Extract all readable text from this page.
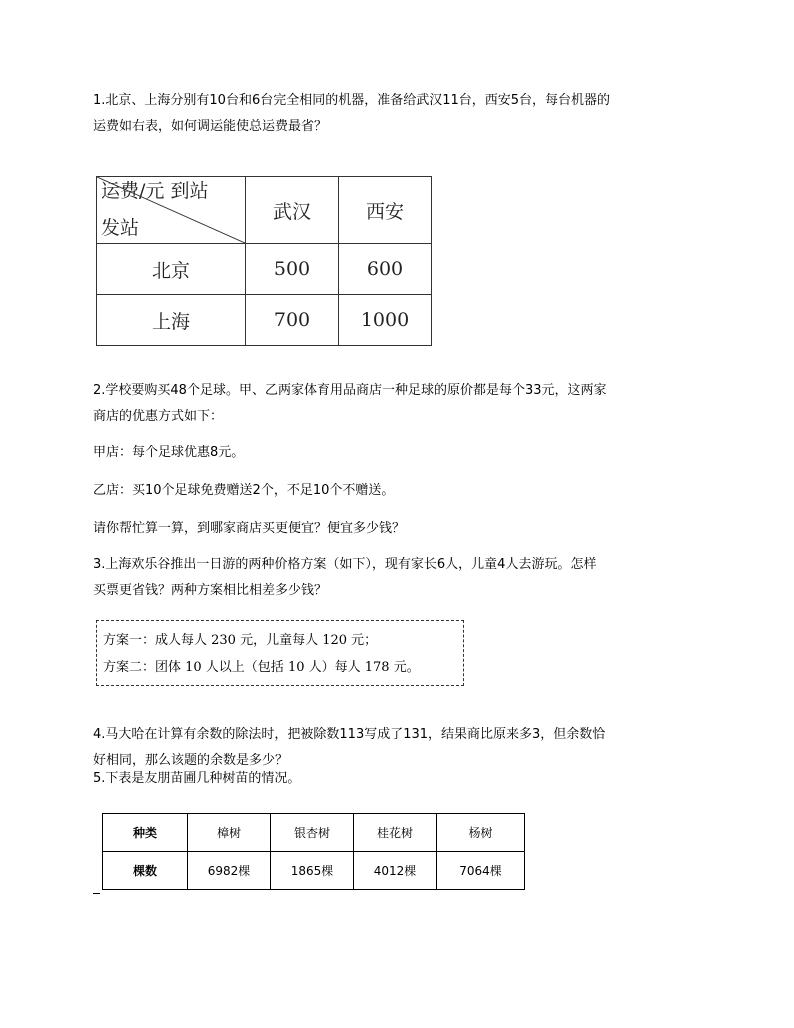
1.北京、上海分别有10台和6台完全相同的机器，准备给武汉11台，西安5台，每台机器的
运费如右表，如何调运能使总运费最省？

运费/元 到站
发站	武汉	西安
北京	500	600
上海	700	1000

2.学校要购买48个足球。甲、乙两家体育用品商店一种足球的原价都是每个33元，这两家
商店的优惠方式如下：

甲店：每个足球优惠8元。

乙店：买10个足球免费赠送2个，不足10个不赠送。

请你帮忙算一算，到哪家商店买更便宜？便宜多少钱？

3.上海欢乐谷推出一日游的两种价格方案（如下），现有家长6人，儿童4人去游玩。怎样
买票更省钱？两种方案相比相差多少钱？

方案一：成人每人 230 元，儿童每人 120 元；
方案二：团体 10 人以上（包括 10 人）每人 178 元。

4.马大哈在计算有余数的除法时，把被除数113写成了131，结果商比原来多3，但余数恰
好相同，那么该题的余数是多少？

5.下表是友朋苗圃几种树苗的情况。

种类	樟树	银杏树	桂花树	杨树
棵数	6982棵	1865棵	4012棵	7064棵
